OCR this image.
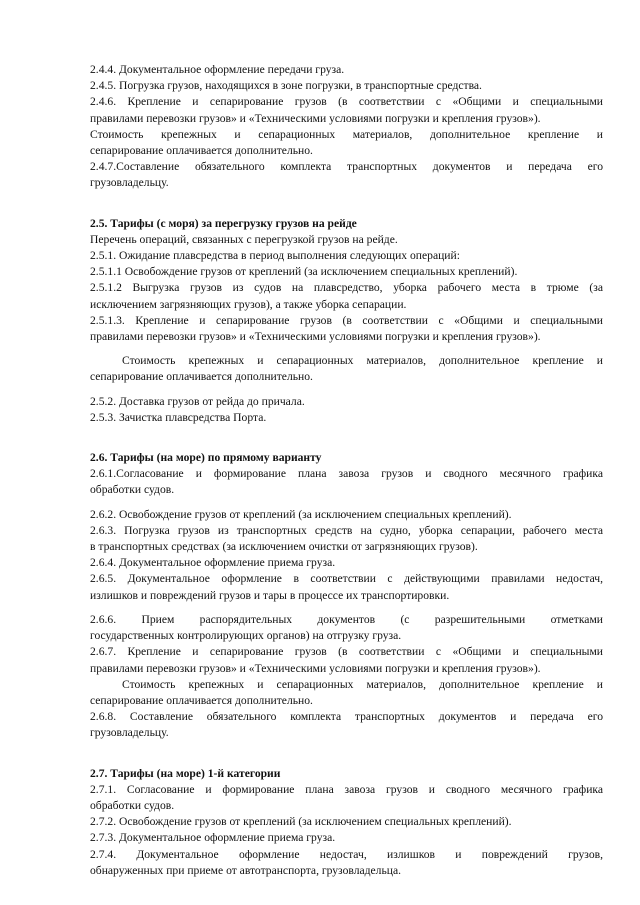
2.4.4. Документальное оформление передачи груза.
2.4.5. Погрузка грузов, находящихся в зоне погрузки, в транспортные средства.
2.4.6. Крепление и сепарирование грузов (в соответствии с «Общими и специальными
правилами перевозки грузов» и «Техническими условиями погрузки и крепления грузов»).
Стоимость крепежных и сепарационных материалов, дополнительное крепление и
сепарирование оплачивается дополнительно.
2.4.7.Составление обязательного комплекта транспортных документов и передача его
грузовладельцу.
2.5. Тарифы (с моря) за перегрузку грузов на рейде
Перечень операций, связанных с перегрузкой грузов на рейде.
2.5.1. Ожидание плавсредства в период выполнения следующих операций:
2.5.1.1 Освобождение грузов от креплений (за исключением специальных креплений).
2.5.1.2 Выгрузка грузов из судов на плавсредство, уборка рабочего места в трюме (за
исключением загрязняющих грузов), а также уборка сепарации.
2.5.1.3. Крепление и сепарирование грузов (в соответствии с «Общими и специальными
правилами перевозки грузов» и «Техническими условиями погрузки и крепления грузов»).
Стоимость крепежных и сепарационных материалов, дополнительное крепление и
сепарирование оплачивается дополнительно.
2.5.2. Доставка грузов от рейда до причала.
2.5.3. Зачистка плавсредства Порта.
2.6. Тарифы (на море) по прямому варианту
2.6.1.Согласование и формирование плана завоза грузов и сводного месячного графика
обработки судов.
2.6.2. Освобождение грузов от креплений (за исключением специальных креплений).
2.6.3. Погрузка грузов из транспортных средств на судно, уборка сепарации, рабочего места
в транспортных средствах (за исключением очистки от загрязняющих грузов).
2.6.4. Документальное оформление приема груза.
2.6.5. Документальное оформление в соответствии с действующими правилами недостач,
излишков и повреждений грузов и тары в процессе их транспортировки.
2.6.6. Прием распорядительных документов (с разрешительными отметками
государственных контролирующих органов) на отгрузку груза.
2.6.7. Крепление и сепарирование грузов (в соответствии с «Общими и специальными
правилами перевозки грузов» и «Техническими условиями погрузки и крепления грузов»).
Стоимость крепежных и сепарационных материалов, дополнительное крепление и
сепарирование оплачивается дополнительно.
2.6.8. Составление обязательного комплекта транспортных документов и передача его
грузовладельцу.
2.7. Тарифы (на море) 1-й категории
2.7.1. Согласование и формирование плана завоза грузов и сводного месячного графика
обработки судов.
2.7.2. Освобождение грузов от креплений (за исключением специальных креплений).
2.7.3. Документальное оформление приема груза.
2.7.4. Документальное оформление недостач, излишков и повреждений грузов,
обнаруженных при приеме от автотранспорта, грузовладельца.
